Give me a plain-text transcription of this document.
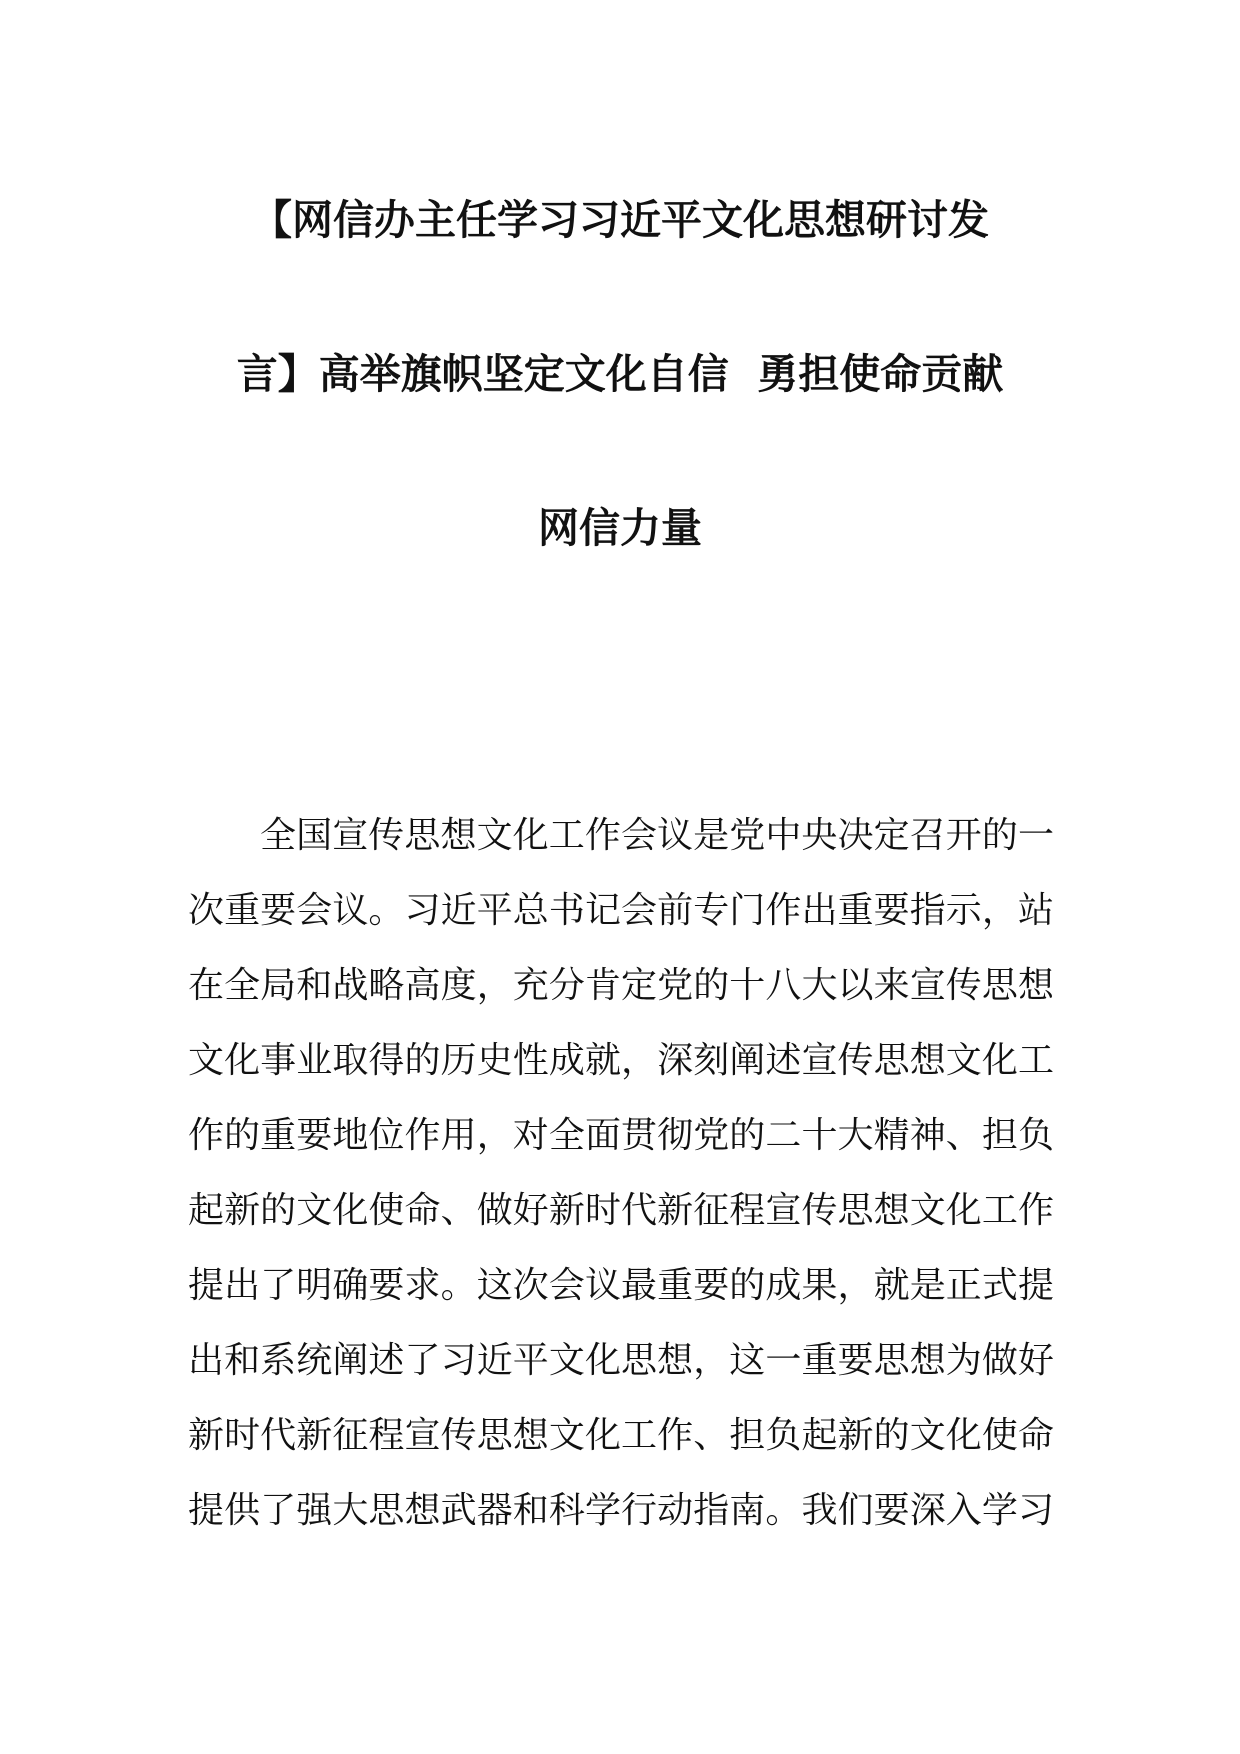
【网信办主任学习习近平文化思想研讨发
言】高举旗帜坚定文化自信  勇担使命贡献
网信力量
全国宣传思想文化工作会议是党中央决定召开的一
次重要会议。习近平总书记会前专门作出重要指示，站
在全局和战略高度，充分肯定党的十八大以来宣传思想
文化事业取得的历史性成就，深刻阐述宣传思想文化工
作的重要地位作用，对全面贯彻党的二十大精神、担负
起新的文化使命、做好新时代新征程宣传思想文化工作
提出了明确要求。这次会议最重要的成果，就是正式提
出和系统阐述了习近平文化思想，这一重要思想为做好
新时代新征程宣传思想文化工作、担负起新的文化使命
提供了强大思想武器和科学行动指南。我们要深入学习
